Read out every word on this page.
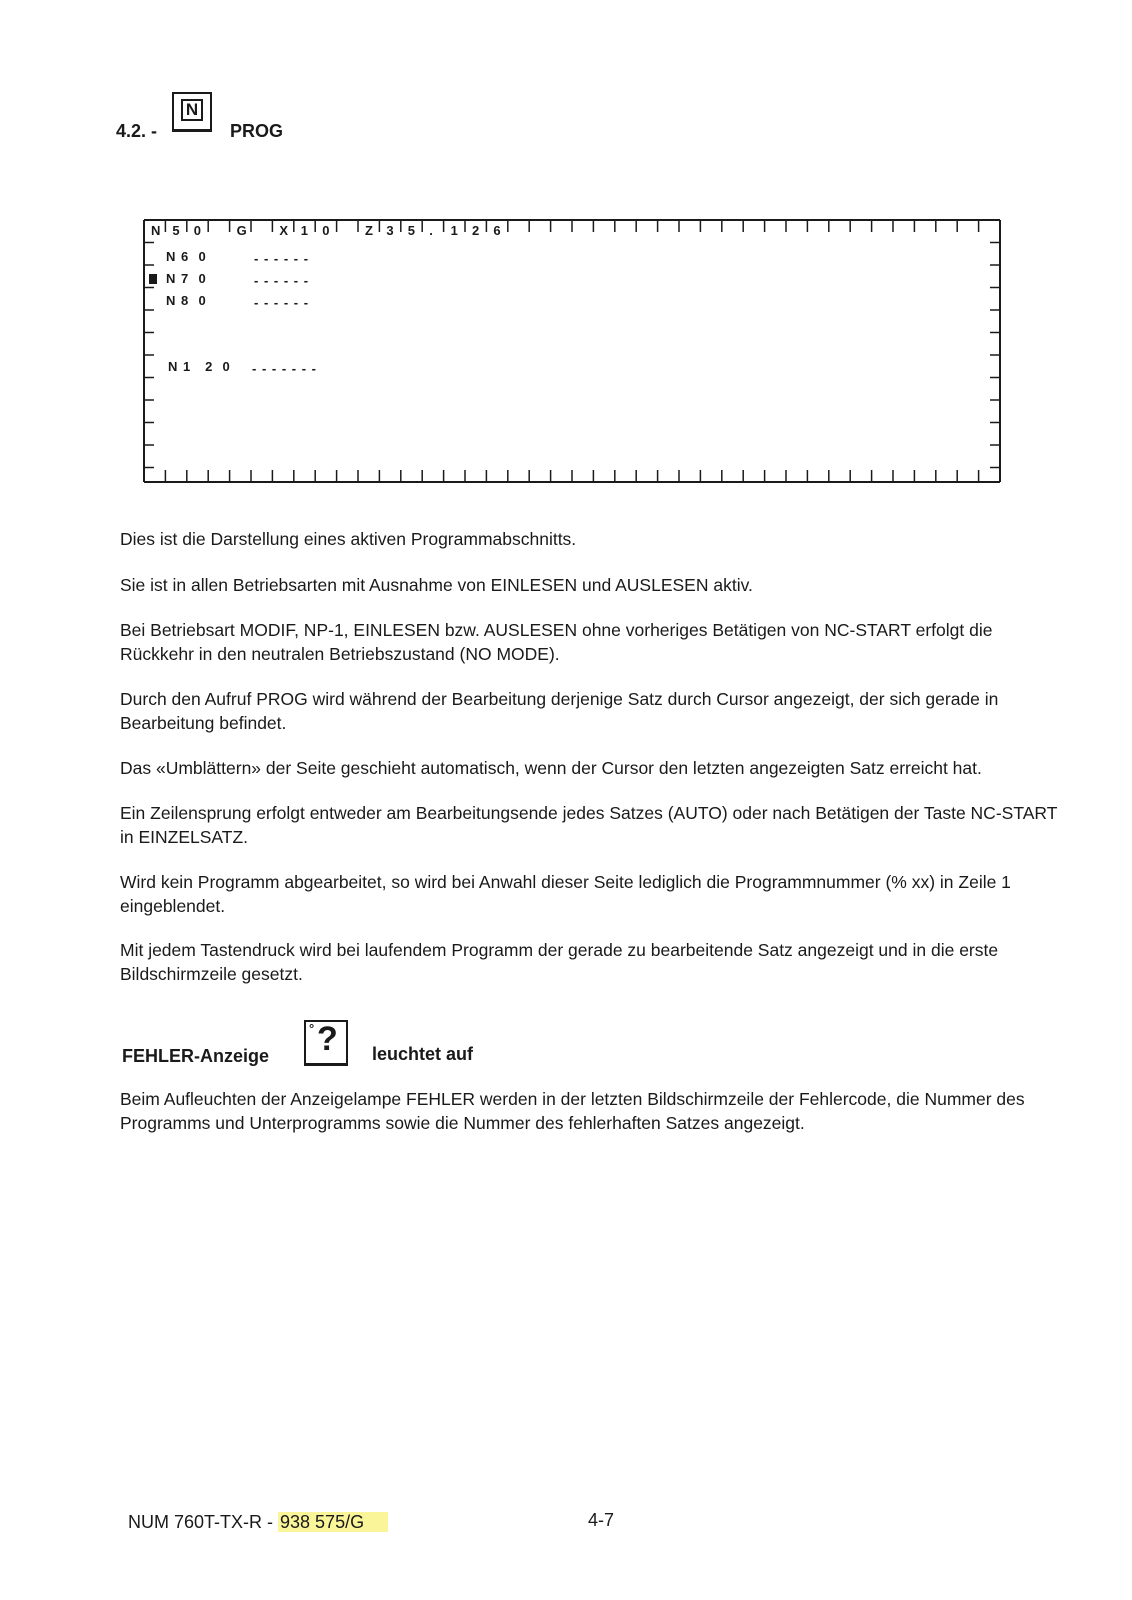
4.2. -
N
PROG
N 5 0	G	X 1 0	Z 3 5 . 1 2 6
N 6  0	- - - - - -
N 7  0	- - - - - -
N 8  0	- - - - - -
N 1   2  0 - - - - - - -

Dies ist die Darstellung eines aktiven Programmabschnitts.

Sie ist in allen Betriebsarten mit Ausnahme von EINLESEN und AUSLESEN aktiv.

Bei Betriebsart MODIF, NP-1, EINLESEN bzw. AUSLESEN ohne vorheriges Betätigen von NC-START erfolgt die Rückkehr in den neutralen Betriebszustand (NO MODE).

Durch den Aufruf PROG wird während der Bearbeitung derjenige Satz durch Cursor angezeigt, der sich gerade in Bearbeitung befindet.

Das «Umblättern» der Seite geschieht automatisch, wenn der Cursor den letzten angezeigten Satz erreicht hat.

Ein Zeilensprung erfolgt entweder am Bearbeitungsende jedes Satzes (AUTO) oder nach Betätigen der Taste NC-START in EINZELSATZ.

Wird kein Programm abgearbeitet, so wird bei Anwahl dieser Seite lediglich die Programmnummer (% xx) in Zeile 1 eingeblendet.

Mit jedem Tastendruck wird bei laufendem Programm der gerade zu bearbeitende Satz angezeigt und in die erste Bildschirmzeile gesetzt.

FEHLER-Anzeige
° ? leuchtet auf

Beim Aufleuchten der Anzeigelampe FEHLER werden in der letzten Bildschirmzeile der Fehlercode, die Nummer des Programms und Unterprogramms sowie die Nummer des fehlerhaften Satzes angezeigt.

NUM 760T-TX-R - 938 575/G	4-7
